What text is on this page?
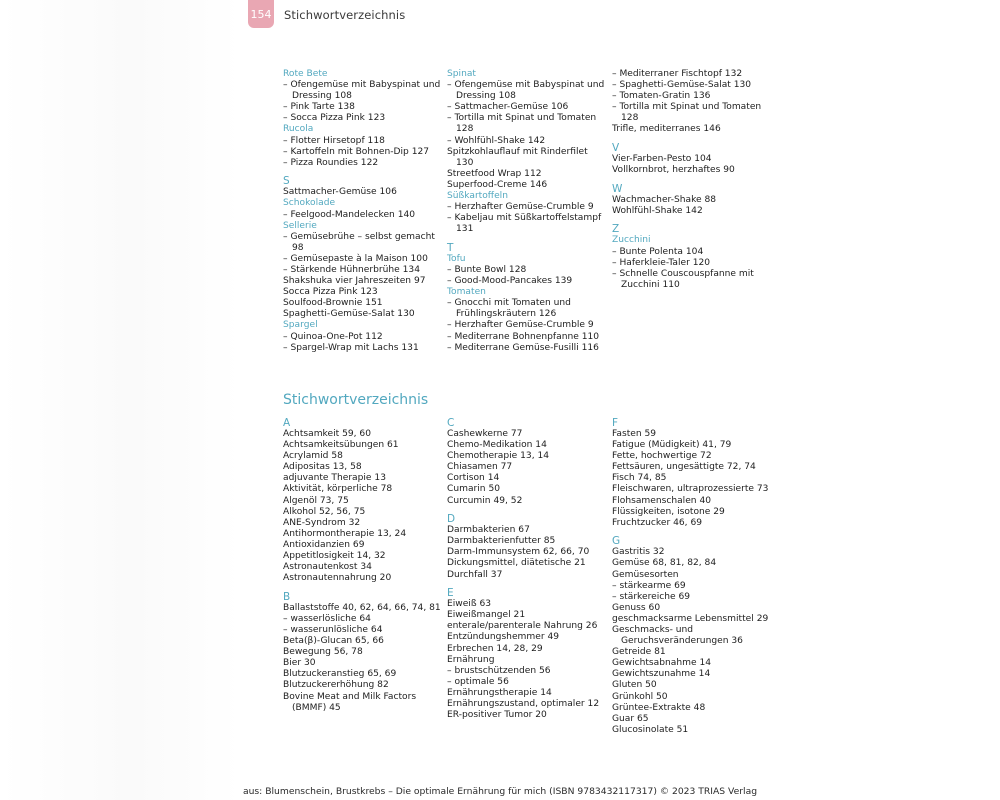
154 Stichwortverzeichnis
Rote Bete
– Ofengemüse mit Babyspinat und
Dressing 108
– Pink Tarte 138
– Socca Pizza Pink 123
Rucola
– Flotter Hirsetopf 118
– Kartoffeln mit Bohnen-Dip 127
– Pizza Roundies 122
S
Sattmacher-Gemüse 106
Schokolade
– Feelgood-Mandelecken 140
Sellerie
– Gemüsebrühe – selbst gemacht
98
– Gemüsepaste à la Maison 100
– Stärkende Hühnerbrühe 134
Shakshuka vier Jahreszeiten 97
Socca Pizza Pink 123
Soulfood-Brownie 151
Spaghetti-Gemüse-Salat 130
Spargel
– Quinoa-One-Pot 112
– Spargel-Wrap mit Lachs 131
Spinat
– Ofengemüse mit Babyspinat und
Dressing 108
– Sattmacher-Gemüse 106
– Tortilla mit Spinat und Tomaten
128
– Wohlfühl-Shake 142
Spitzkohlauflauf mit Rinderfilet
130
Streetfood Wrap 112
Superfood-Creme 146
Süßkartoffeln
– Herzhafter Gemüse-Crumble 9
– Kabeljau mit Süßkartoffelstampf
131
T
Tofu
– Bunte Bowl 128
– Good-Mood-Pancakes 139
Tomaten
– Gnocchi mit Tomaten und
Frühlingskräutern 126
– Herzhafter Gemüse-Crumble 9
– Mediterrane Bohnenpfanne 110
– Mediterrane Gemüse-Fusilli 116
– Mediterraner Fischtopf 132
– Spaghetti-Gemüse-Salat 130
– Tomaten-Gratin 136
– Tortilla mit Spinat und Tomaten
128
Trifle, mediterranes 146
V
Vier-Farben-Pesto 104
Vollkornbrot, herzhaftes 90
W
Wachmacher-Shake 88
Wohlfühl-Shake 142
Z
Zucchini
– Bunte Polenta 104
– Haferkleie-Taler 120
– Schnelle Couscouspfanne mit
Zucchini 110
Stichwortverzeichnis
A
Achtsamkeit 59, 60
Achtsamkeitsübungen 61
Acrylamid 58
Adipositas 13, 58
adjuvante Therapie 13
Aktivität, körperliche 78
Algenöl 73, 75
Alkohol 52, 56, 75
ANE-Syndrom 32
Antihormontherapie 13, 24
Antioxidanzien 69
Appetitlosigkeit 14, 32
Astronautenkost 34
Astronautennahrung 20
B
Ballaststoffe 40, 62, 64, 66, 74, 81
– wasserlösliche 64
– wasserunlösliche 64
Beta(β)-Glucan 65, 66
Bewegung 56, 78
Bier 30
Blutzuckeranstieg 65, 69
Blutzuckererhöhung 82
Bovine Meat and Milk Factors
(BMMF) 45
C
Cashewkerne 77
Chemo-Medikation 14
Chemotherapie 13, 14
Chiasamen 77
Cortison 14
Cumarin 50
Curcumin 49, 52
D
Darmbakterien 67
Darmbakterienfutter 85
Darm-Immunsystem 62, 66, 70
Dickungsmittel, diätetische 21
Durchfall 37
E
Eiweiß 63
Eiweißmangel 21
enterale/parenterale Nahrung 26
Entzündungshemmer 49
Erbrechen 14, 28, 29
Ernährung
– brustschützenden 56
– optimale 56
Ernährungstherapie 14
Ernährungszustand, optimaler 12
ER-positiver Tumor 20
F
Fasten 59
Fatigue (Müdigkeit) 41, 79
Fette, hochwertige 72
Fettsäuren, ungesättigte 72, 74
Fisch 74, 85
Fleischwaren, ultraprozessierte 73
Flohsamenschalen 40
Flüssigkeiten, isotone 29
Fruchtzucker 46, 69
G
Gastritis 32
Gemüse 68, 81, 82, 84
Gemüsesorten
– stärkearme 69
– stärkereiche 69
Genuss 60
geschmacksarme Lebensmittel 29
Geschmacks- und
Geruchsveränderungen 36
Getreide 81
Gewichtsabnahme 14
Gewichtszunahme 14
Gluten 50
Grünkohl 50
Grüntee-Extrakte 48
Guar 65
Glucosinolate 51
aus: Blumenschein, Brustkrebs – Die optimale Ernährung für mich (ISBN 9783432117317) © 2023 TRIAS Verlag
